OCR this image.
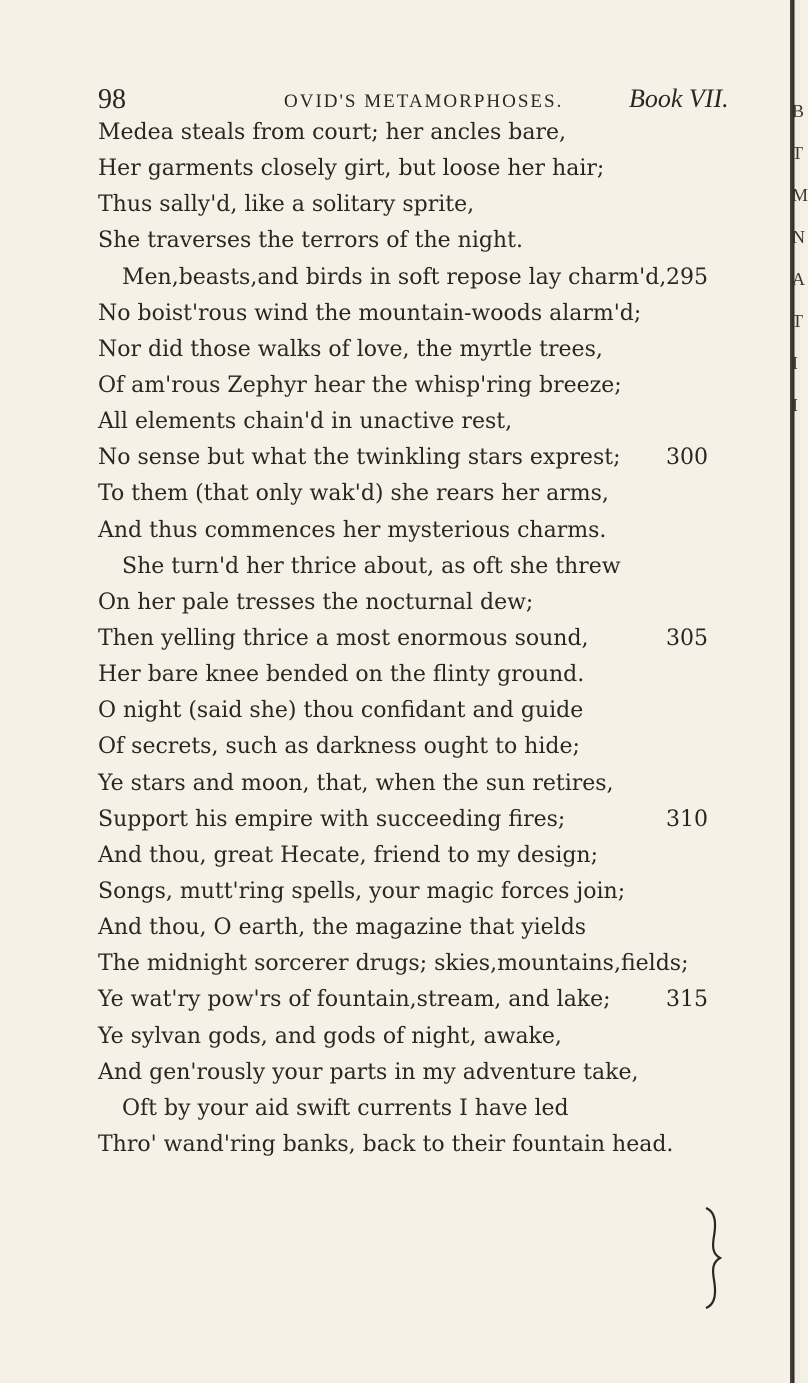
98	OVID'S METAMORPHOSES.	Book VII.
Medea steals from court; her ancles bare,
Her garments closely girt, but loose her hair;
Thus sally'd, like a solitary sprite,
She traverses the terrors of the night.
Men,beasts,and birds in soft repose lay charm'd, 295
No boist'rous wind the mountain-woods alarm'd;
Nor did those walks of love, the myrtle trees,
Of am'rous Zephyr hear the whisp'ring breeze;
All elements chain'd in unactive rest,
No sense but what the twinkling stars exprest; 300
To them (that only wak'd) she rears her arms,
And thus commences her mysterious charms.
She turn'd her thrice about, as oft she threw
On her pale tresses the nocturnal dew;
Then yelling thrice a most enormous sound,	305
Her bare knee bended on the flinty ground.
O night (said she) thou confidant and guide
Of secrets, such as darkness ought to hide;
Ye stars and moon, that, when the sun retires,
Support his empire with succeeding fires;	310
And thou, great Hecate, friend to my design;
Songs, mutt'ring spells, your magic forces join;
And thou, O earth, the magazine that yields
The midnight sorcerer drugs; skies,mountains,fields;
Ye wat'ry pow'rs of fountain,stream, and lake;	315
Ye sylvan gods, and gods of night, awake,
And gen'rously your parts in my adventure take,
Oft by your aid swift currents I have led
Thro' wand'ring banks, back to their fountain head.
B
T
M
N
A
T
I
I
